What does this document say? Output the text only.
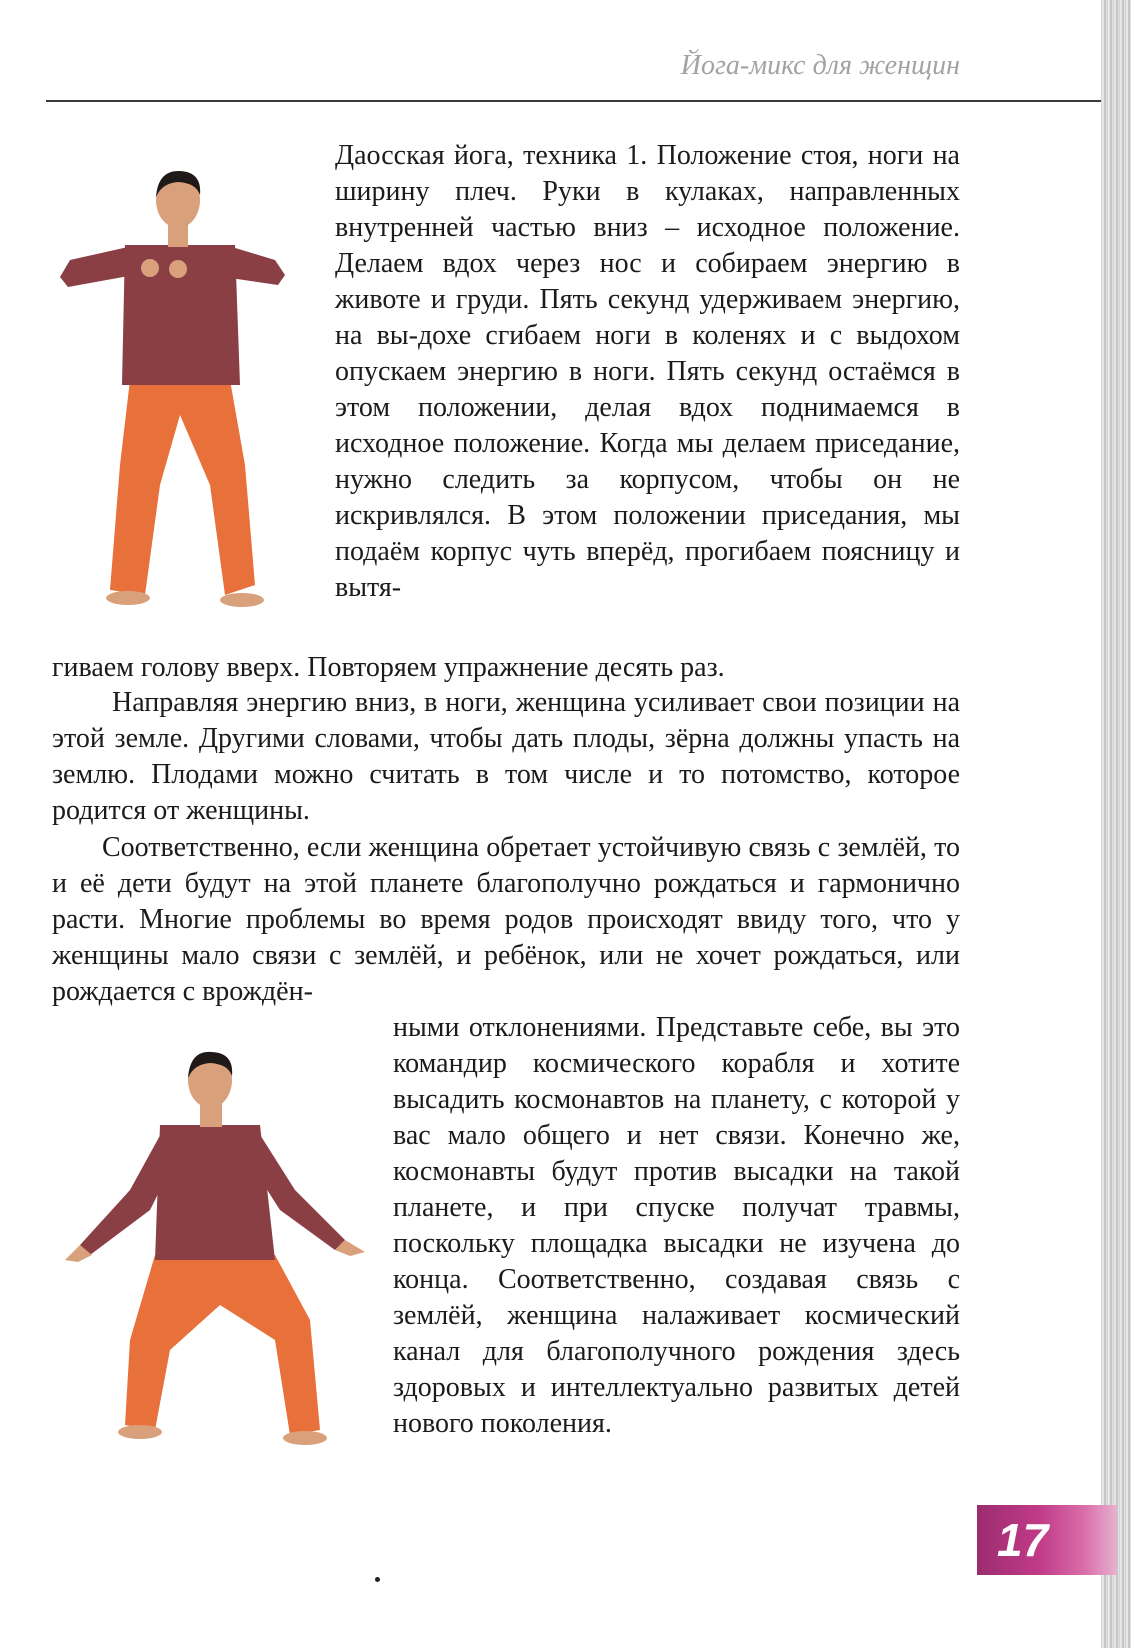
Йога-микс для женщин
Даосская йога, техника 1. Положение стоя, ноги на ширину плеч. Руки в кулаках, направленных внутренней частью вниз – исходное положение. Делаем вдох через нос и собираем энергию в животе и груди. Пять секунд удерживаем энергию, на вы-дохе сгибаем ноги в коленях и с выдохом опускаем энергию в ноги. Пять секунд остаёмся в этом положении, делая вдох поднимаемся в исходное положение. Когда мы делаем приседание, нужно следить за корпусом, чтобы он не искривлялся. В этом положении приседания, мы подаём корпус чуть вперёд, прогибаем поясницу и вытя-
гиваем голову вверх. Повторяем упражнение десять раз.
Направляя энергию вниз, в ноги, женщина усиливает свои позиции на этой земле. Другими словами, чтобы дать плоды, зёрна должны упасть на землю. Плодами можно считать в том числе и то потомство, которое родится от женщины.
Соответственно, если женщина обретает устойчивую связь с землёй, то и её дети будут на этой планете благополучно рождаться и гармонично расти. Многие проблемы во время родов происходят ввиду того, что у женщины мало связи с землёй, и ребёнок, или не хочет рождаться, или рождается с врождён-
ными отклонениями. Представьте себе, вы это командир космического корабля и хотите высадить космонавтов на планету, с которой у вас мало общего и нет связи. Конечно же, космонавты будут против высадки на такой планете, и при спуске получат травмы, поскольку площадка высадки не изучена до конца. Соответственно, создавая связь с землёй, женщина налаживает космический канал для благополучного рождения здесь здоровых и интеллектуально развитых детей нового поколения.
17
